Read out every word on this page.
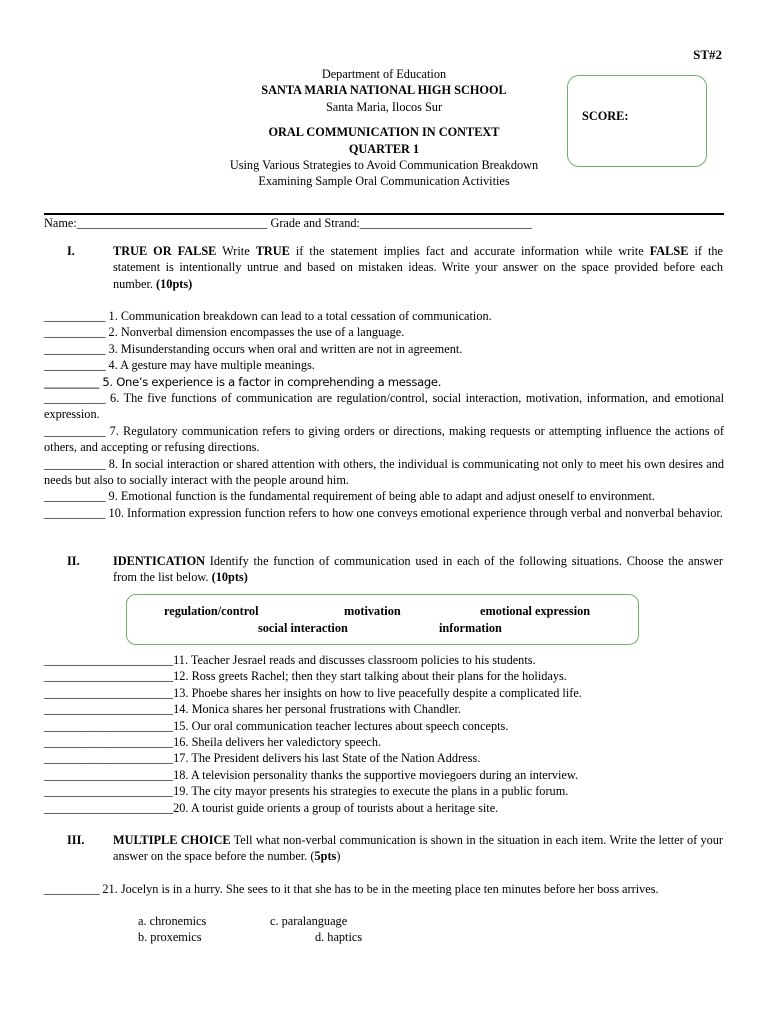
ST#2
Department of Education
SANTA MARIA NATIONAL HIGH SCHOOL
Santa Maria, Ilocos Sur
ORAL COMMUNICATION IN CONTEXT
QUARTER 1
Using Various Strategies to Avoid Communication Breakdown
Examining Sample Oral Communication Activities
SCORE:
Name:_______________________________ Grade and Strand:____________________________
I.	TRUE OR FALSE Write TRUE if the statement implies fact and accurate information while write FALSE if the statement is intentionally untrue and based on mistaken ideas. Write your answer on the space provided before each number. (10pts)
__________ 1. Communication breakdown can lead to a total cessation of communication.
__________ 2. Nonverbal dimension encompasses the use of a language.
__________ 3. Misunderstanding occurs when oral and written are not in agreement.
__________ 4. A gesture may have multiple meanings.
__________ 5. One’s experience is a factor in comprehending a message.
__________ 6. The five functions of communication are regulation/control, social interaction, motivation, information, and emotional expression.
__________ 7. Regulatory communication refers to giving orders or directions, making requests or attempting influence the actions of others, and accepting or refusing directions.
__________ 8. In social interaction or shared attention with others, the individual is communicating not only to meet his own desires and needs but also to socially interact with the people around him.
__________ 9. Emotional function is the fundamental requirement of being able to adapt and adjust oneself to environment.
__________ 10. Information expression function refers to how one conveys emotional experience through verbal and nonverbal behavior.
II.	IDENTICATION Identify the function of communication used in each of the following situations. Choose the answer from the list below. (10pts)
regulation/control	motivation	emotional expression
social interaction	information
_____________________11. Teacher Jesrael reads and discusses classroom policies to his students.
_____________________12. Ross greets Rachel; then they start talking about their plans for the holidays.
_____________________13. Phoebe shares her insights on how to live peacefully despite a complicated life.
_____________________14. Monica shares her personal frustrations with Chandler.
_____________________15. Our oral communication teacher lectures about speech concepts.
_____________________16. Sheila delivers her valedictory speech.
_____________________17. The President delivers his last State of the Nation Address.
_____________________18. A television personality thanks the supportive moviegoers during an interview.
_____________________19. The city mayor presents his strategies to execute the plans in a public forum.
_____________________20. A tourist guide orients a group of tourists about a heritage site.
III. MULTIPLE CHOICE Tell what non-verbal communication is shown in the situation in each item. Write the letter of your answer on the space before the number. (5pts)
_________ 21. Jocelyn is in a hurry. She sees to it that she has to be in the meeting place ten minutes before her boss arrives.
a. chronemics	c. paralanguage
b. proxemics	d. haptics
